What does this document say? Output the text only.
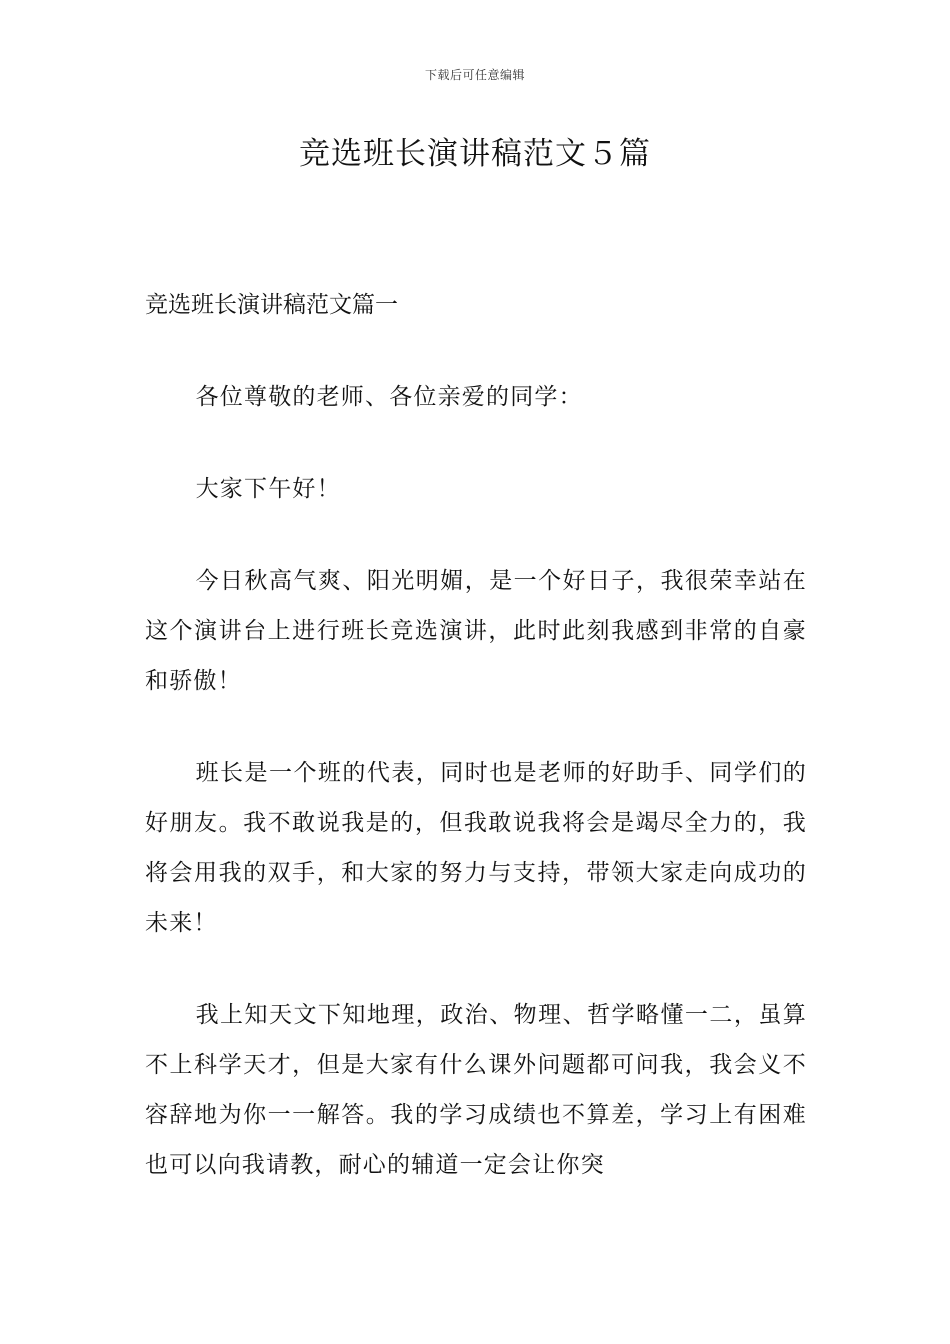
下载后可任意编辑
竞选班长演讲稿范文５篇

竞选班长演讲稿范文篇一

各位尊敬的老师、各位亲爱的同学：

大家下午好！

今日秋高气爽、阳光明媚，是一个好日子，我很荣幸站在这个演讲台上进行班长竞选演讲，此时此刻我感到非常的自豪和骄傲！

班长是一个班的代表，同时也是老师的好助手、同学们的好朋友。我不敢说我是的，但我敢说我将会是竭尽全力的，我将会用我的双手，和大家的努力与支持，带领大家走向成功的未来！

我上知天文下知地理，政治、物理、哲学略懂一二，虽算不上科学天才，但是大家有什么课外问题都可问我，我会义不容辞地为你一一解答。我的学习成绩也不算差，学习上有困难也可以向我请教，耐心的辅道一定会让你突
